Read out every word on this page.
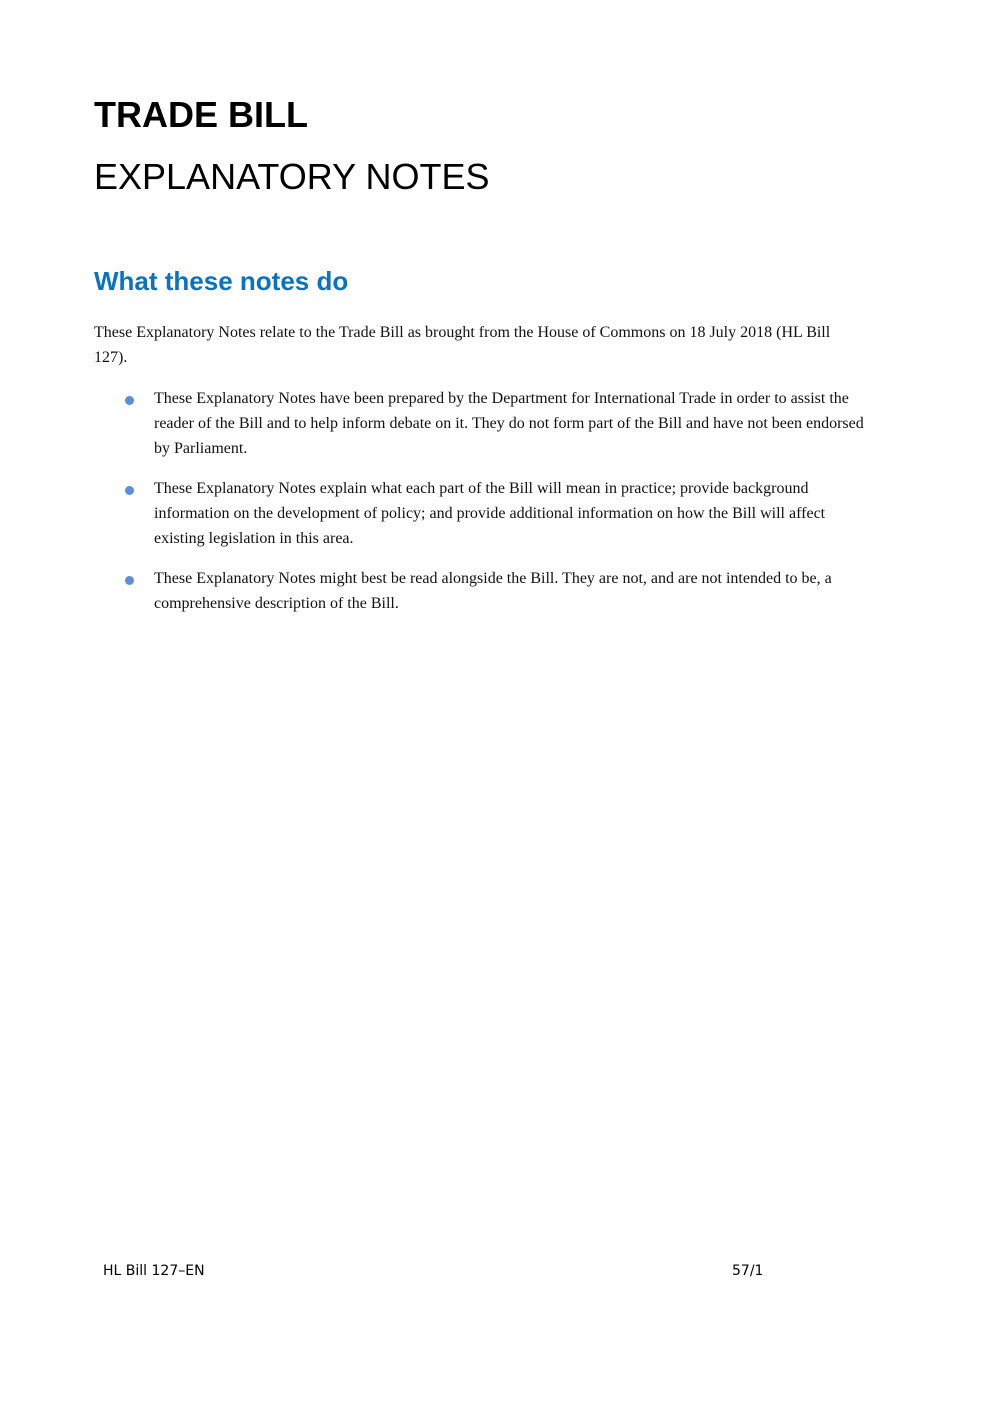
TRADE BILL
EXPLANATORY NOTES
What these notes do

These Explanatory Notes relate to the Trade Bill as brought from the House of Commons on 18 July 2018 (HL Bill 127).

These Explanatory Notes have been prepared by the Department for International Trade in order to assist the reader of the Bill and to help inform debate on it. They do not form part of the Bill and have not been endorsed by Parliament.
These Explanatory Notes explain what each part of the Bill will mean in practice; provide background information on the development of policy; and provide additional information on how the Bill will affect existing legislation in this area.
These Explanatory Notes might best be read alongside the Bill. They are not, and are not intended to be, a comprehensive description of the Bill.
HL Bill 127–EN	57/1
